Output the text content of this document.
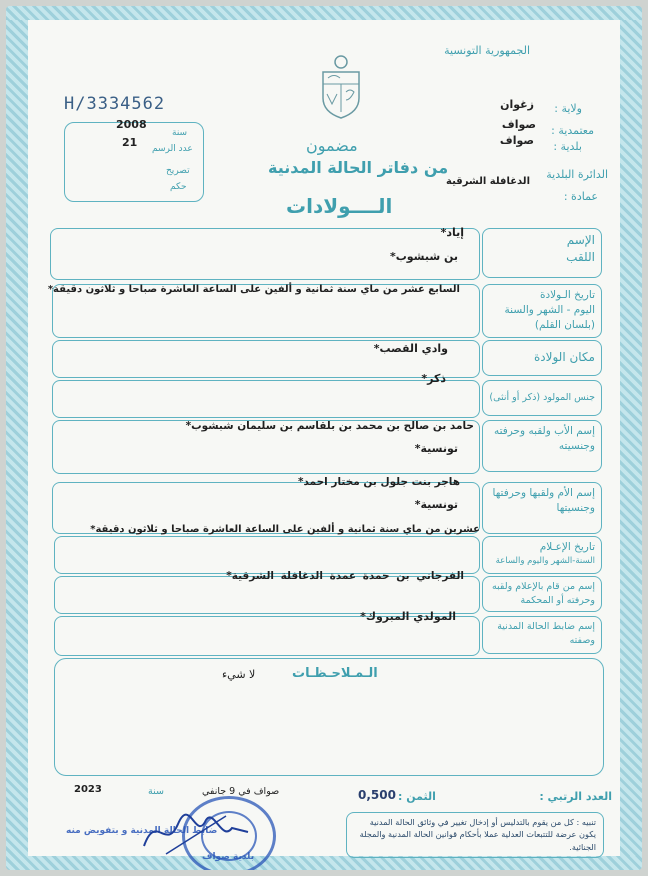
الجمهورية التونسية
H/3334562	ولاية :
زغوان
معتمدية :
صواف
بلدية :
صواف
الدائرة البلدية
الدغافلة الشرقية
عمادة :
سنة
2008
عدد الرسم
21
تصريح
حكم
مضمون
من دفاتر الحالة المدنية
الــــولادات
الإسم
اللقب
إياد*
بن شبشوب*
تاريخ الـولادة
اليوم - الشهر والسنة
(بلسان القلم)
السابع عشر من ماي سنة ثمانية و ألفين على الساعة العاشرة صباحا و ثلاثون دقيقة*
مكان الولادة
وادي القصب*
جنس المولود (ذكر أو أنثى)
ذكر*
إسم الأب ولقبه وحرفته
وجنسيته
حامد بن صالح بن محمد بن بلقاسم بن سليمان شبشوب*
تونسية*
إسم الأم ولقبها وحرفتها
وجنسيتها
هاجر بنت جلول بن مختار احمد*
تونسية*
تاريخ الإعـلام
السنة-الشهر واليوم والساعة
عشرين من ماي سنة ثمانية و ألفين على الساعة العاشرة صباحا و ثلاثون دقيقة*
إسم من قام بالإعلام ولقبه
وحرفته أو المحكمة
الفرجاني بن حمدة عمدة الدغافلة الشرقية*
إسم ضابط الحالة المدنية
وصفته
المولدي المبروك*
الـمـلاحـظـات
لا شيء
العدد الرتبي :
الثمن :
0,500
صواف في 9 جانفي
سنة
2023
تنبيه : كل من يقوم بالتدليس أو إدخال تغيير في وثائق الحالة المدنية يكون عرضة للتتبعات العدلية عملا بأحكام قوانين الحالة المدنية والمجلة الجنائية.
ضابط الحالة المدنية و بتفويض منه
بلدية صواف
